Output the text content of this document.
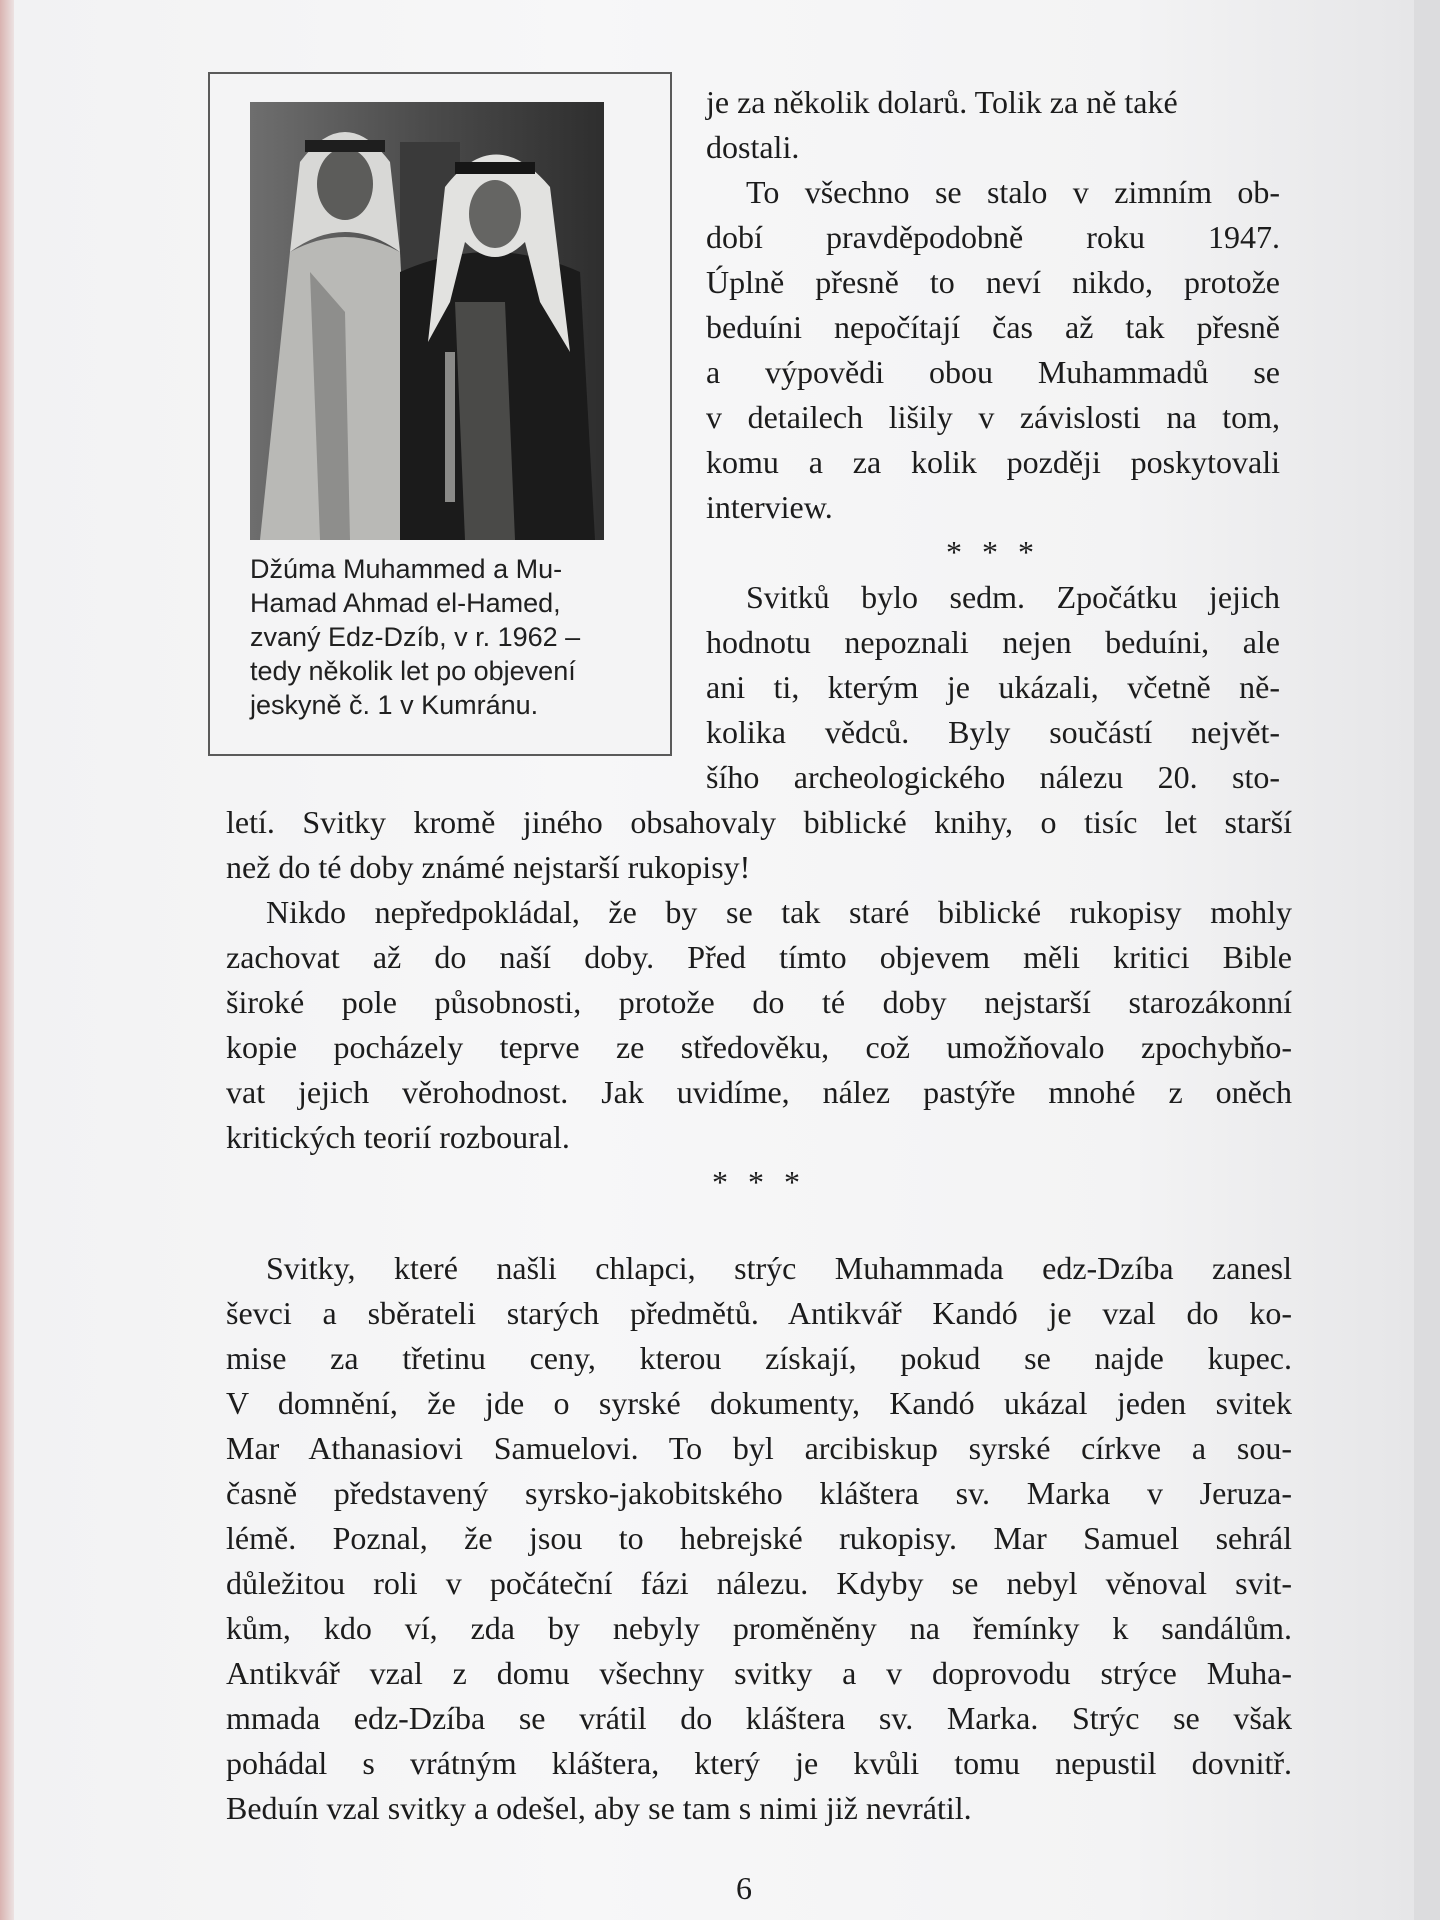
Džúma Muhammed a Mu-
Hamad Ahmad el-Hamed,
zvaný Edz-Dzíb, v r. 1962 –
tedy několik let po objevení
jeskyně č. 1 v Kumránu.
je za několik dolarů. Tolik za ně také
dostali.
To všechno se stalo v zimním ob-
dobí pravděpodobně roku 1947.
Úplně přesně to neví nikdo, protože
beduíni nepočítají čas až tak přesně
a výpovědi obou Muhammadů se
v detailech lišily v závislosti na tom,
komu a za kolik později poskytovali
interview.
* * *
Svitků bylo sedm. Zpočátku jejich
hodnotu nepoznali nejen beduíni, ale
ani ti, kterým je ukázali, včetně ně-
kolika vědců. Byly součástí největ-
šího archeologického nálezu 20. sto-
letí. Svitky kromě jiného obsahovaly biblické knihy, o tisíc let starší
než do té doby známé nejstarší rukopisy!
Nikdo nepředpokládal, že by se tak staré biblické rukopisy mohly
zachovat až do naší doby. Před tímto objevem měli kritici Bible
široké pole působnosti, protože do té doby nejstarší starozákonní
kopie pocházely teprve ze středověku, což umožňovalo zpochybňo-
vat jejich věrohodnost. Jak uvidíme, nález pastýře mnohé z oněch
kritických teorií rozboural.
* * *
Svitky, které našli chlapci, strýc Muhammada edz-Dzíba zanesl
ševci a sběrateli starých předmětů. Antikvář Kandó je vzal do ko-
mise za třetinu ceny, kterou získají, pokud se najde kupec.
V domnění, že jde o syrské dokumenty, Kandó ukázal jeden svitek
Mar Athanasiovi Samuelovi. To byl arcibiskup syrské církve a sou-
časně představený syrsko-jakobitského kláštera sv. Marka v Jeruza-
lémě. Poznal, že jsou to hebrejské rukopisy. Mar Samuel sehrál
důležitou roli v počáteční fázi nálezu. Kdyby se nebyl věnoval svit-
kům, kdo ví, zda by nebyly proměněny na řemínky k sandálům.
Antikvář vzal z domu všechny svitky a v doprovodu strýce Muha-
mmada edz-Dzíba se vrátil do kláštera sv. Marka. Strýc se však
pohádal s vrátným kláštera, který je kvůli tomu nepustil dovnitř.
Beduín vzal svitky a odešel, aby se tam s nimi již nevrátil.
6
